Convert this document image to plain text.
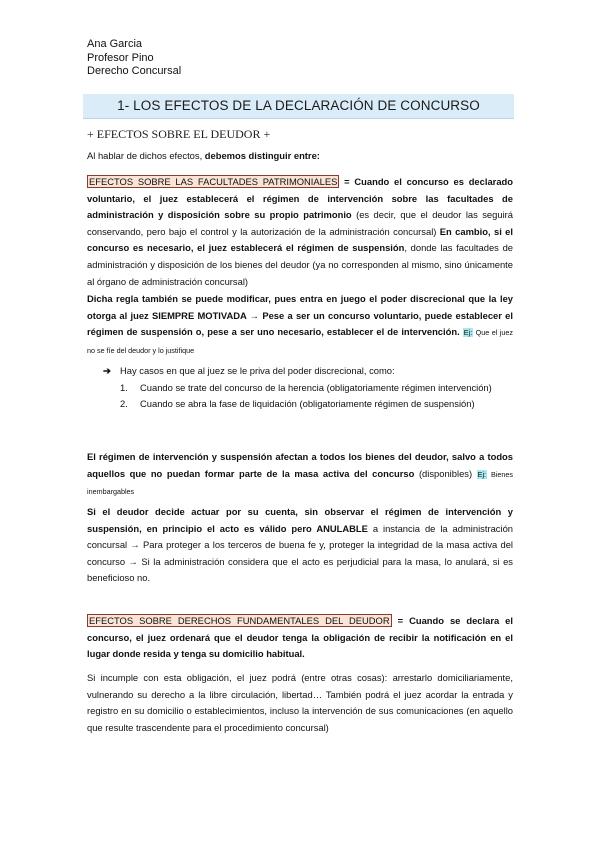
Ana Garcia
Profesor Pino
Derecho Concursal
1- LOS EFECTOS DE LA DECLARACIÓN DE CONCURSO
+ EFECTOS SOBRE EL DEUDOR +
Al hablar de dichos efectos, debemos distinguir entre:
EFECTOS SOBRE LAS FACULTADES PATRIMONIALES = Cuando el concurso es declarado voluntario, el juez establecerá el régimen de intervención sobre las facultades de administración y disposición sobre su propio patrimonio (es decir, que el deudor las seguirá conservando, pero bajo el control y la autorización de la administración concursal) En cambio, si el concurso es necesario, el juez establecerá el régimen de suspensión, donde las facultades de administración y disposición de los bienes del deudor (ya no corresponden al mismo, sino únicamente al órgano de administración concursal)
Dicha regla también se puede modificar, pues entra en juego el poder discrecional que la ley otorga al juez SIEMPRE MOTIVADA → Pese a ser un concurso voluntario, puede establecer el régimen de suspensión o, pese a ser uno necesario, establecer el de intervención. Ej: Que el juez no se fíe del deudor y lo justifique
➔ Hay casos en que al juez se le priva del poder discrecional, como:
1. Cuando se trate del concurso de la herencia (obligatoriamente régimen intervención)
2. Cuando se abra la fase de liquidación (obligatoriamente régimen de suspensión)
El régimen de intervención y suspensión afectan a todos los bienes del deudor, salvo a todos aquellos que no puedan formar parte de la masa activa del concurso (disponibles) Ej: Bienes inembargables
Si el deudor decide actuar por su cuenta, sin observar el régimen de intervención y suspensión, en principio el acto es válido pero ANULABLE a instancia de la administración concursal → Para proteger a los terceros de buena fe y, proteger la integridad de la masa activa del concurso → Si la administración considera que el acto es perjudicial para la masa, lo anulará, si es beneficioso no.
EFECTOS SOBRE DERECHOS FUNDAMENTALES DEL DEUDOR = Cuando se declara el concurso, el juez ordenará que el deudor tenga la obligación de recibir la notificación en el lugar donde resida y tenga su domicilio habitual.
Si incumple con esta obligación, el juez podrá (entre otras cosas): arrestarlo domiciliariamente, vulnerando su derecho a la libre circulación, libertad… También podrá el juez acordar la entrada y registro en su domicilio o establecimientos, incluso la intervención de sus comunicaciones (en aquello que resulte trascendente para el procedimiento concursal)
